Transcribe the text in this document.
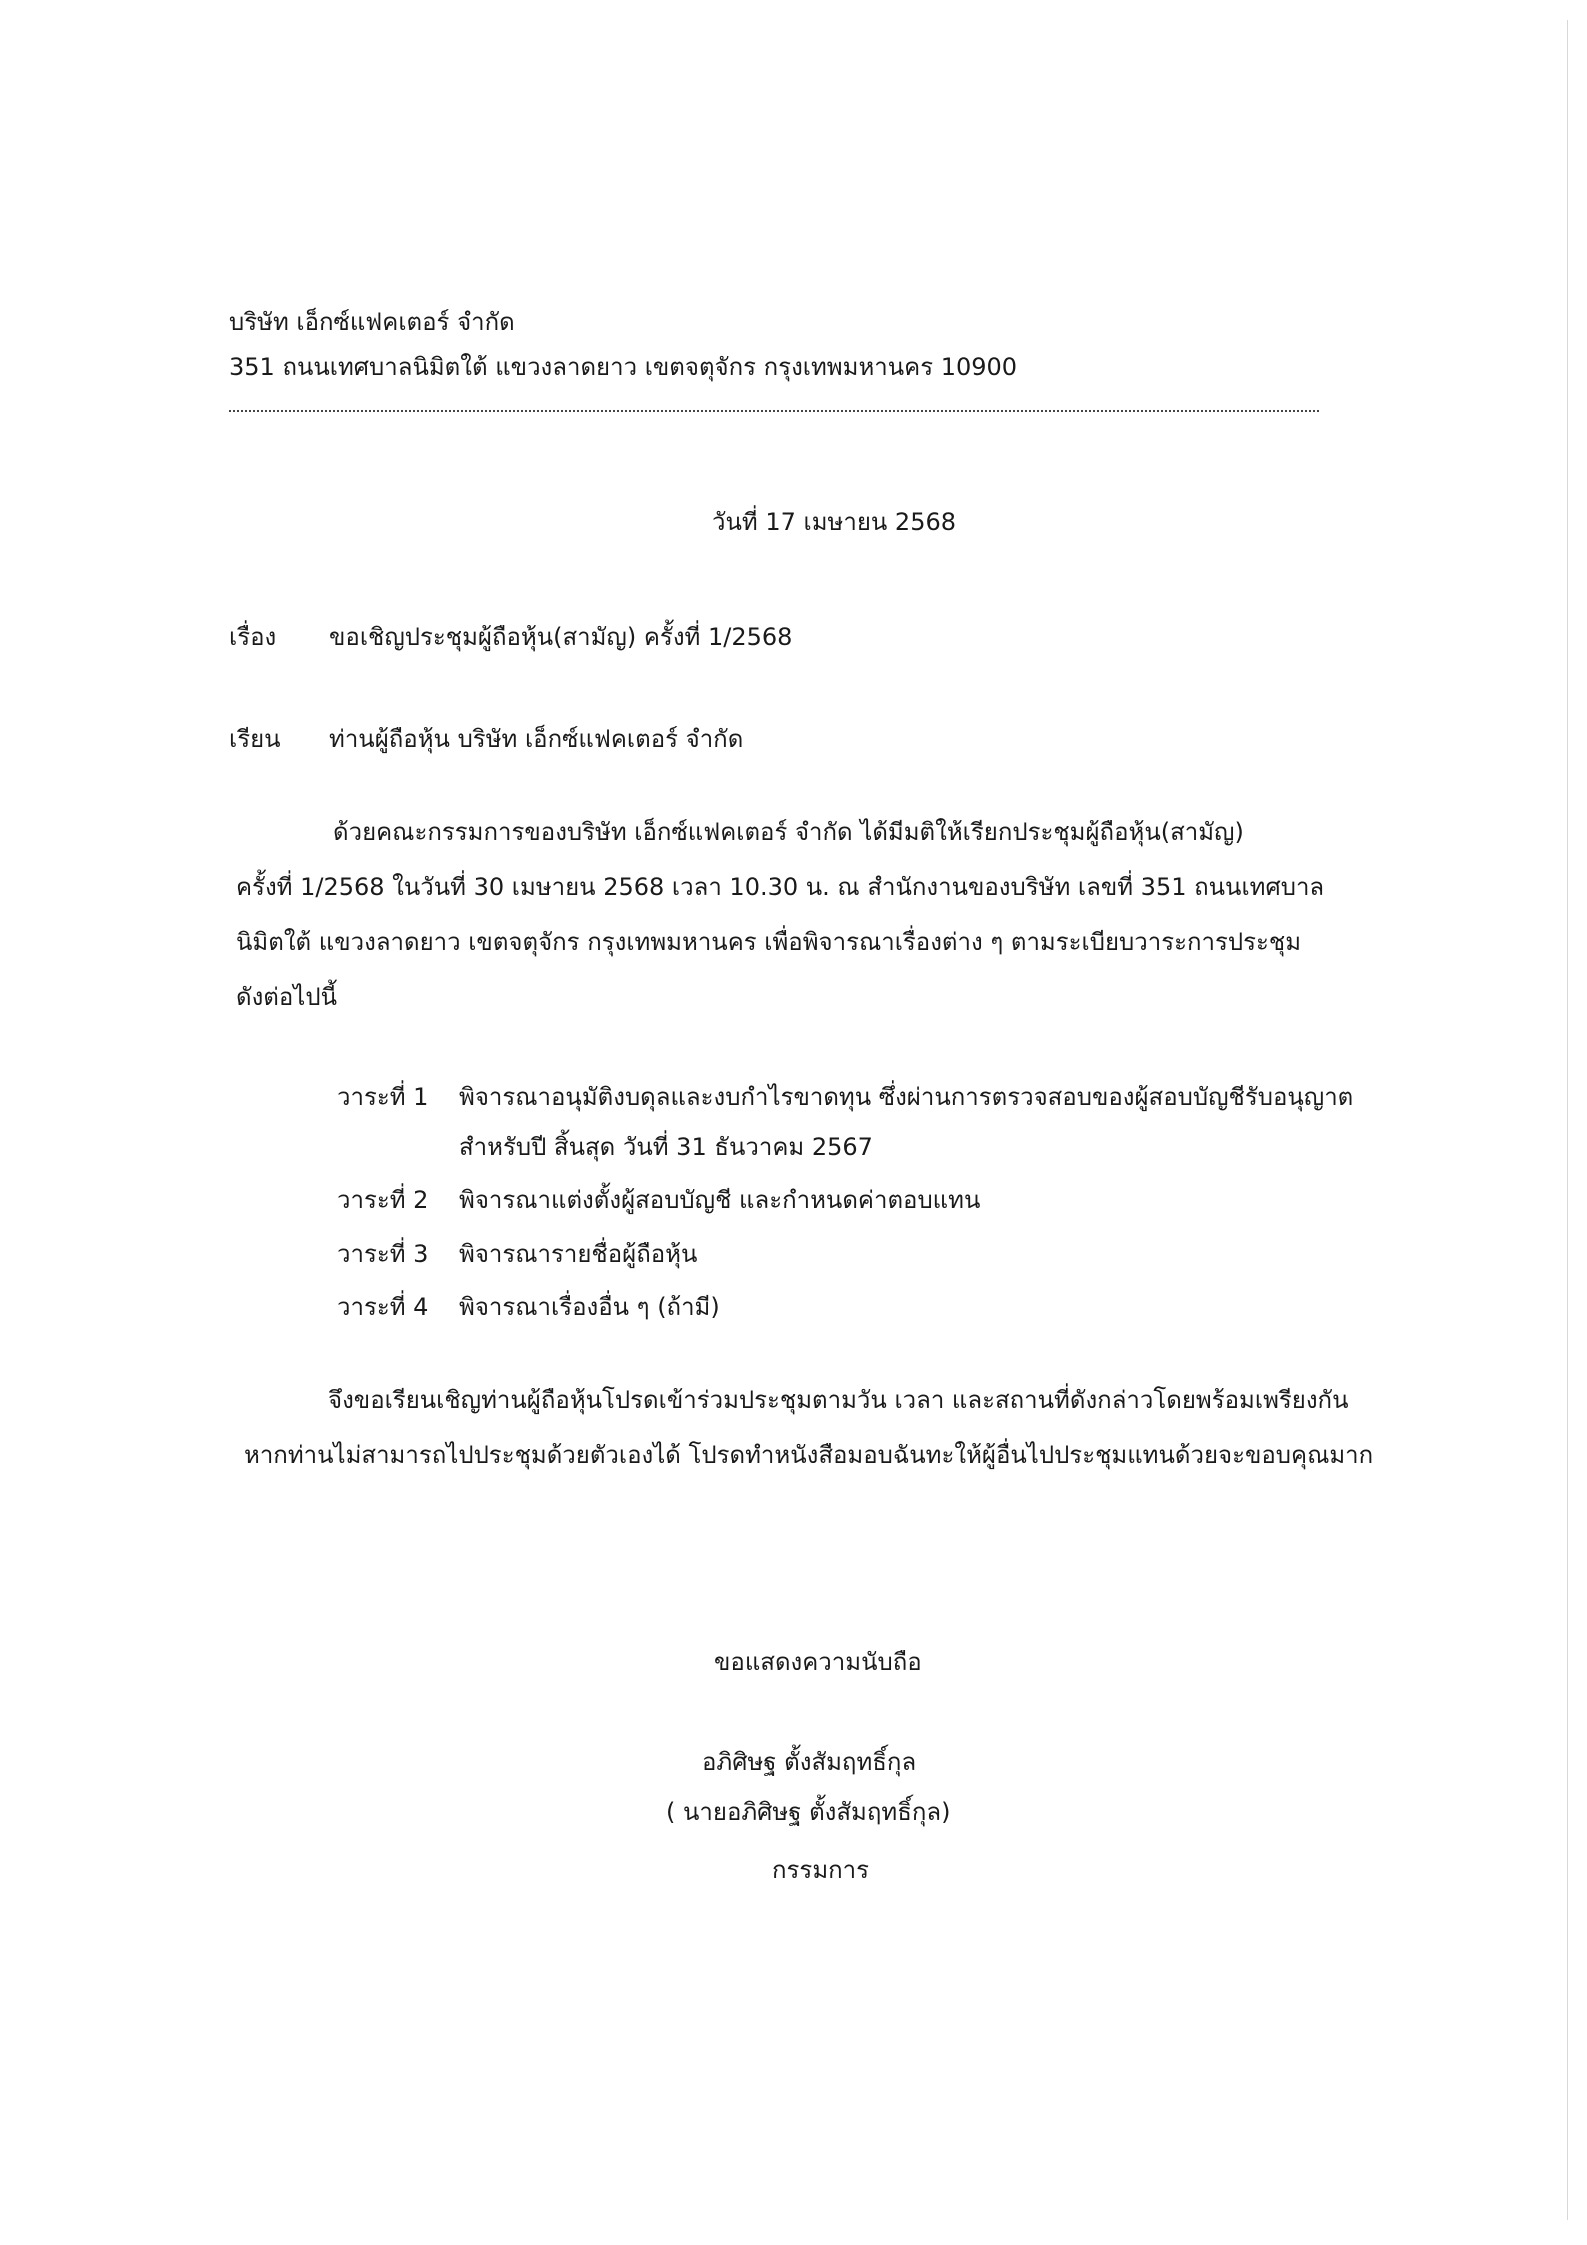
บริษัท เอ็กซ์แฟคเตอร์ จำกัด
351 ถนนเทศบาลนิมิตใต้ แขวงลาดยาว เขตจตุจักร กรุงเทพมหานคร 10900
วันที่ 17 เมษายน 2568
เรื่อง ขอเชิญประชุมผู้ถือหุ้น(สามัญ) ครั้งที่ 1/2568
เรียน ท่านผู้ถือหุ้น บริษัท เอ็กซ์แฟคเตอร์ จำกัด
ด้วยคณะกรรมการของบริษัท เอ็กซ์แฟคเตอร์ จำกัด ได้มีมติให้เรียกประชุมผู้ถือหุ้น(สามัญ)
ครั้งที่ 1/2568 ในวันที่ 30 เมษายน 2568 เวลา 10.30 น. ณ สำนักงานของบริษัท เลขที่ 351 ถนนเทศบาล
นิมิตใต้ แขวงลาดยาว เขตจตุจักร กรุงเทพมหานคร เพื่อพิจารณาเรื่องต่าง ๆ ตามระเบียบวาระการประชุม
ดังต่อไปนี้
วาระที่ 1 พิจารณาอนุมัติงบดุลและงบกำไรขาดทุน ซึ่งผ่านการตรวจสอบของผู้สอบบัญชีรับอนุญาต
สำหรับปี สิ้นสุด วันที่ 31 ธันวาคม 2567
วาระที่ 2 พิจารณาแต่งตั้งผู้สอบบัญชี และกำหนดค่าตอบแทน
วาระที่ 3 พิจารณารายชื่อผู้ถือหุ้น
วาระที่ 4 พิจารณาเรื่องอื่น ๆ (ถ้ามี)
จึงขอเรียนเชิญท่านผู้ถือหุ้นโปรดเข้าร่วมประชุมตามวัน เวลา และสถานที่ดังกล่าวโดยพร้อมเพรียงกัน
หากท่านไม่สามารถไปประชุมด้วยตัวเองได้ โปรดทำหนังสือมอบฉันทะให้ผู้อื่นไปประชุมแทนด้วยจะขอบคุณมาก
ขอแสดงความนับถือ
อภิศิษฐ ตั้งสัมฤทธิ์กุล
( นายอภิศิษฐ ตั้งสัมฤทธิ์กุล)
กรรมการ
